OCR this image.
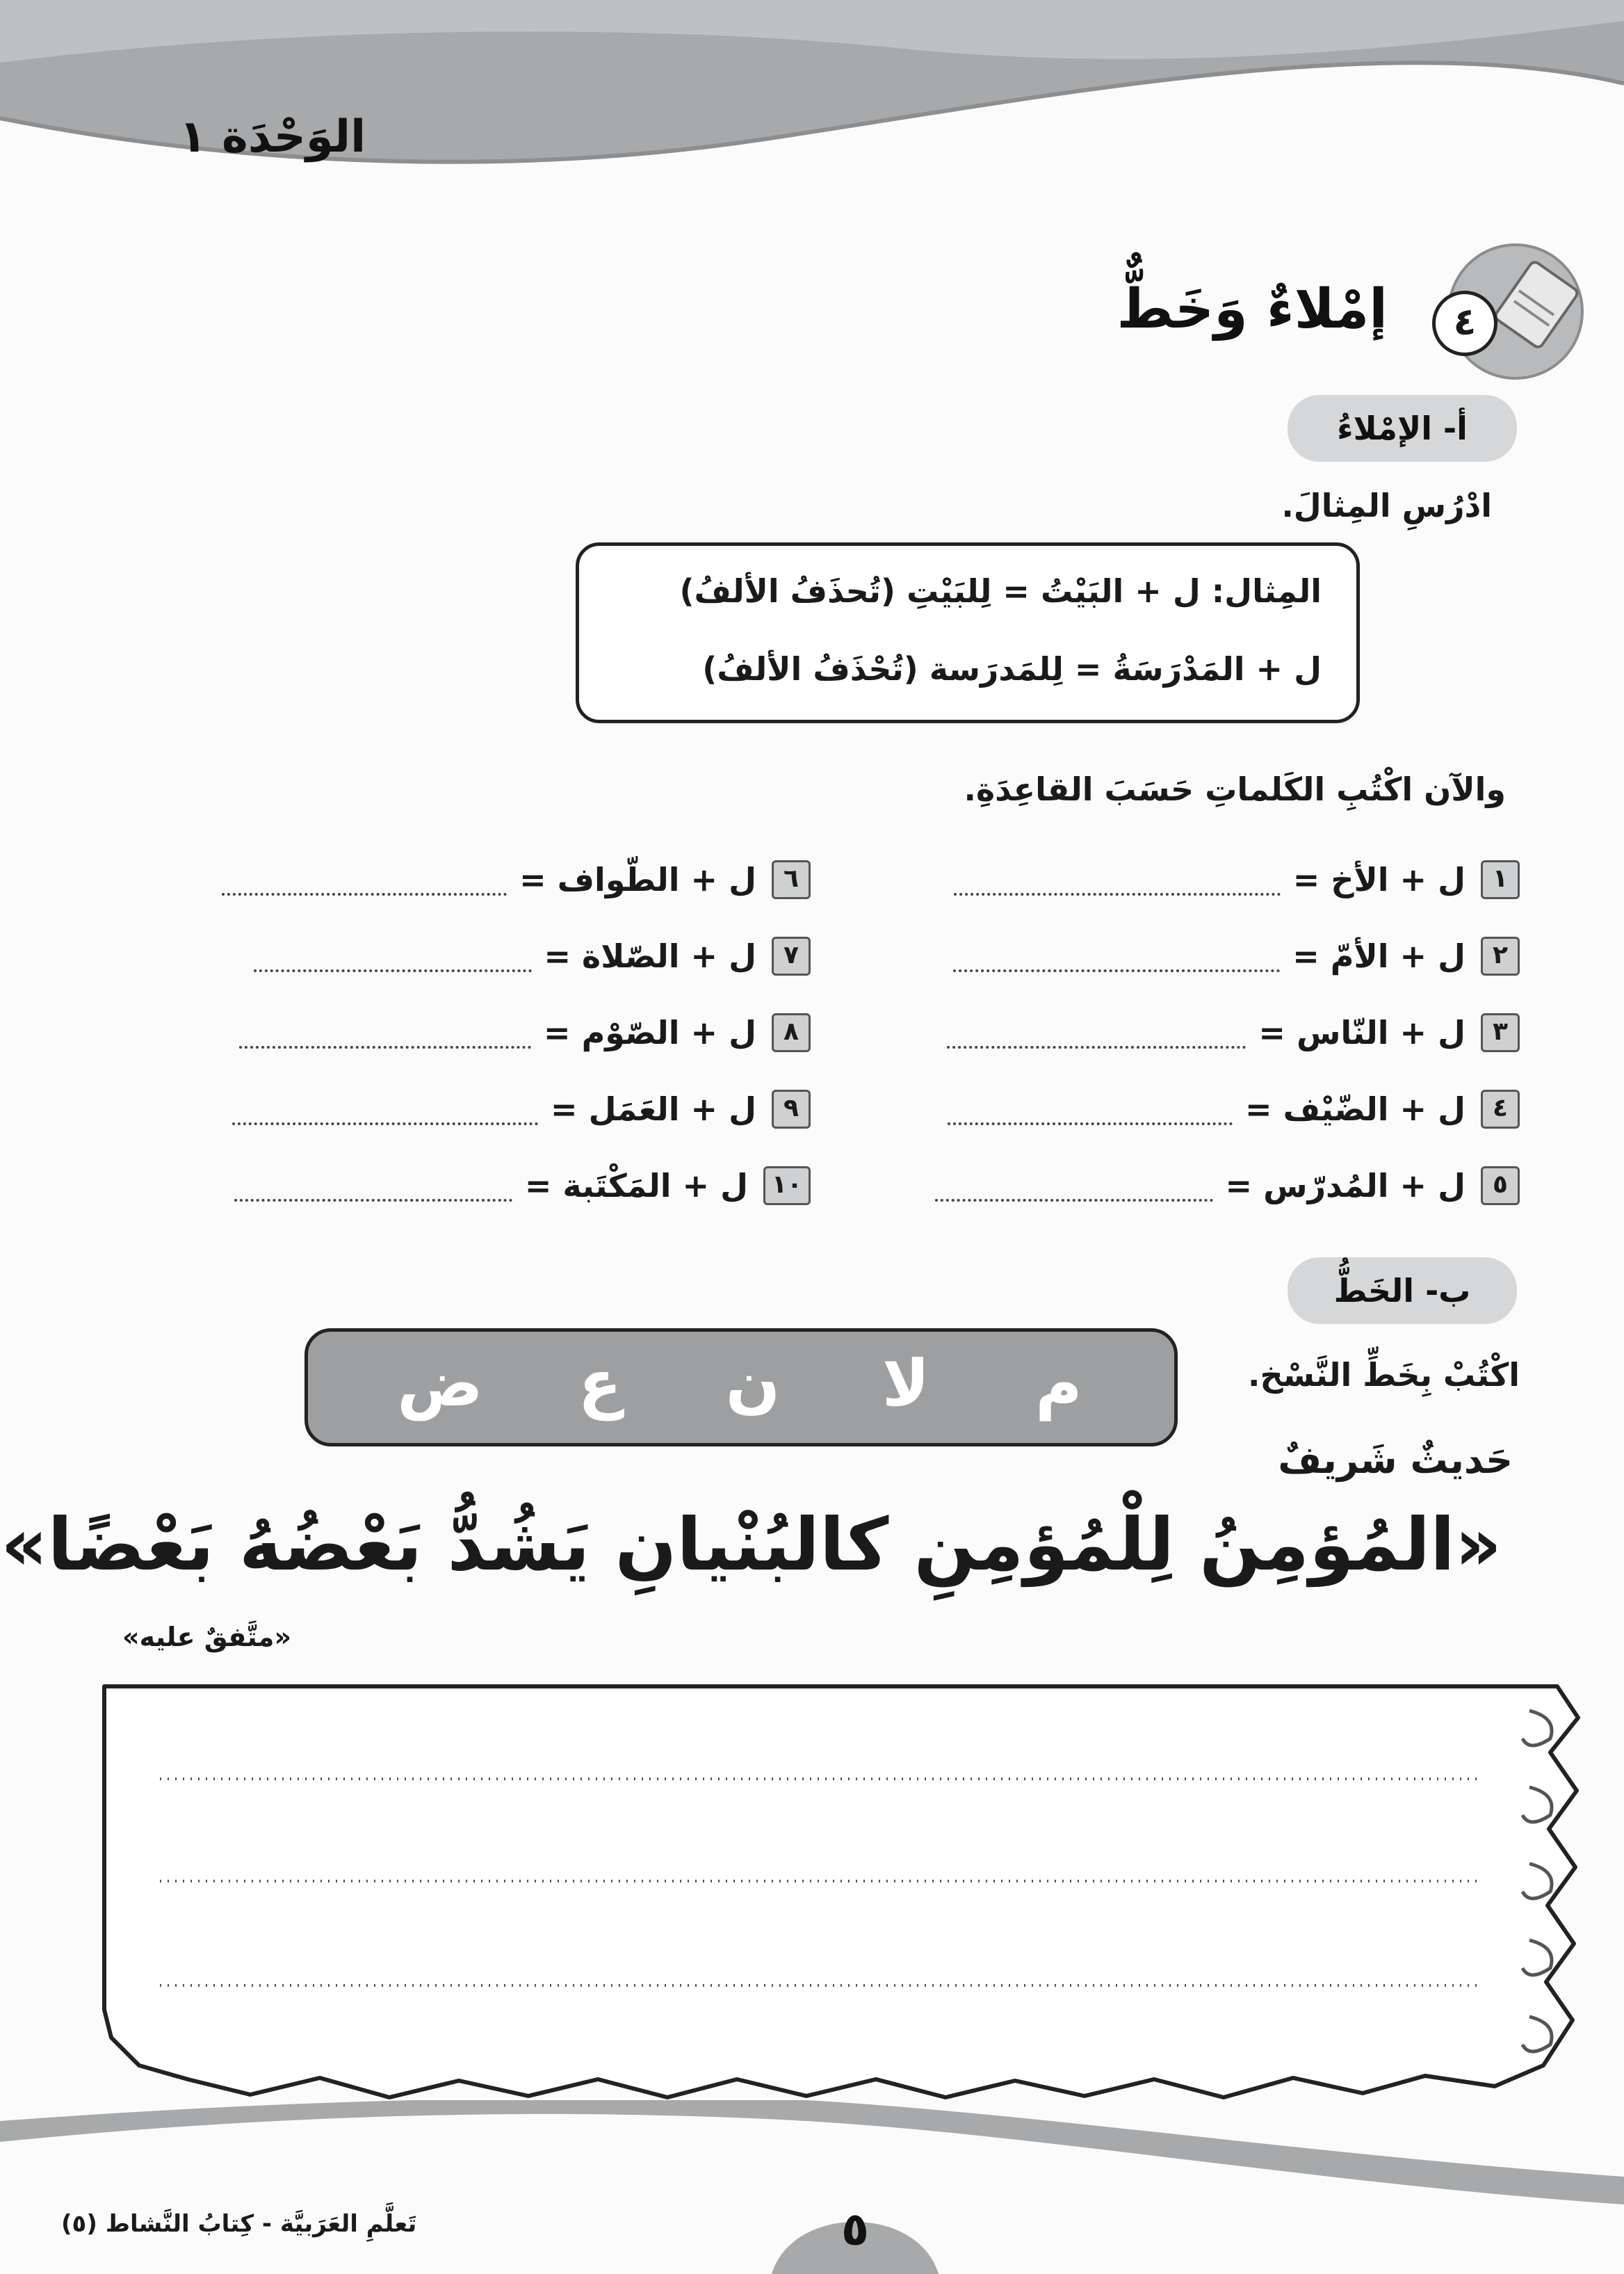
الوَحْدَة ١
٤
إمْلاءٌ وَخَطٌّ
أ- الإمْلاءُ
ادْرُسِ المِثالَ.
المِثال: ل + البَيْتُ = لِلبَيْتِ (تُحذَفُ الألفُ)
ل + المَدْرَسَةُ = لِلمَدرَسة (تُحْذَفُ الألفُ)
والآن اكْتُبِ الكَلماتِ حَسَبَ القاعِدَةِ.
١
ل + الأخ =
٢
ل + الأمّ =
٣
ل + النّاس =
٤
ل + الضّيْف =
٥
ل + المُدرّس =
٦
ل + الطّواف =
٧
ل + الصّلاة =
٨
ل + الصّوْم =
٩
ل + العَمَل =
١٠
ل + المَكْتَبة =
ب- الخَطُّ
م
لا
ن
ع
ض	اكْتُبْ بِخَطِّ النَّسْخ.
حَديثٌ شَريفٌ
«المُؤمِنُ لِلْمُؤمِنِ كالبُنْيانِ يَشُدُّ بَعْضُهُ بَعْضًا»
«متَّفقٌ عليه»
تَعلَّمِ العَرَبيَّة - كِتابُ النَّشاط (٥)	٥
